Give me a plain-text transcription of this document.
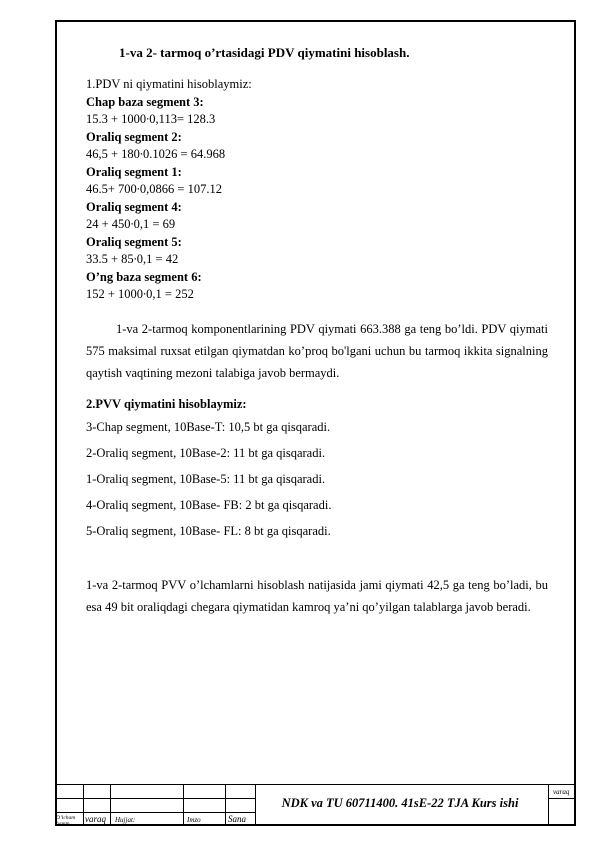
1-va 2- tarmoq o’rtasidagi PDV qiymatini hisoblash.
1.PDV ni qiymatini hisoblaymiz:
Chap baza segment 3:
15.3 + 1000∙0,113= 128.3
Oraliq segment 2:
46,5 + 180∙0.1026 = 64.968
Oraliq segment 1:
46.5+ 700∙0,0866 = 107.12
Oraliq segment 4:
24 + 450∙0,1 = 69
Oraliq segment 5:
33.5 + 85∙0,1 = 42
O’ng baza segment 6:
152 + 1000∙0,1 = 252
1-va 2-tarmoq komponentlarining PDV qiymati 663.388 ga teng bo’ldi. PDV qiymati 575 maksimal ruxsat etilgan qiymatdan ko’proq bo'lgani uchun bu tarmoq ikkita signalning qaytish vaqtining mezoni talabiga javob bermaydi.
2.PVV qiymatini hisoblaymiz:
3-Chap segment, 10Base-T: 10,5 bt ga qisqaradi.
2-Oraliq segment, 10Base-2: 11 bt ga qisqaradi.
1-Oraliq segment, 10Base-5: 11 bt ga qisqaradi.
4-Oraliq segment, 10Base- FB: 2 bt ga qisqaradi.
5-Oraliq segment, 10Base- FL: 8 bt ga qisqaradi.
1-va 2-tarmoq PVV o’lchamlarni hisoblash natijasida jami qiymati 42,5 ga teng bo’ladi, bu esa 49 bit oraliqdagi chegara qiymatidan kamroq ya’ni qo’yilgan talablarga javob beradi.
NDK va TU 60711400. 41sE-22 TJA Kurs ishi
varaq
O’lcham
hamm varaq Hujjat:	Imzo	Sana
